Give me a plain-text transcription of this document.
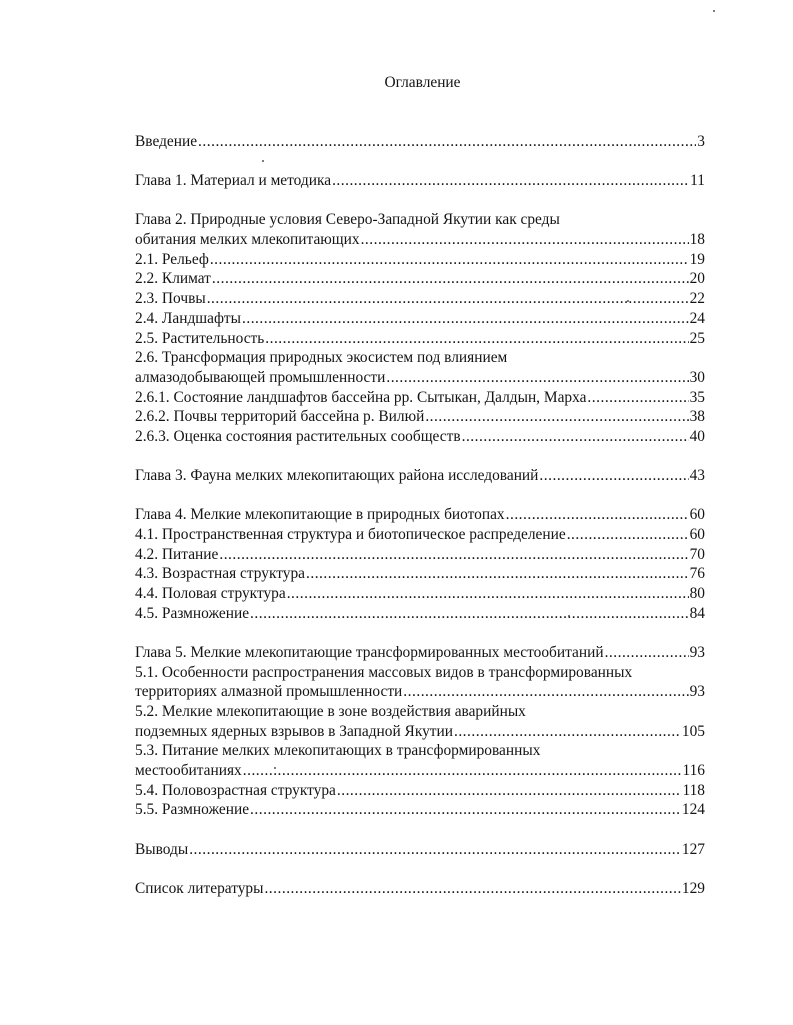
Оглавление
Введение .....	3
Глава 1. Материал и методика .....	11
Глава 2. Природные условия Северо-Западной Якутии как среды
обитания мелких млекопитающих .....	18
2.1. Рельеф .....	19
2.2. Климат .....	20
2.3. Почвы .....	22
2.4. Ландшафты .....	24
2.5. Растительность .....	25
2.6. Трансформация природных экосистем под влиянием
алмазодобывающей промышленности .....	30
2.6.1. Состояние ландшафтов бассейна рр. Сытыкан, Далдын, Марха .....	35
2.6.2. Почвы территорий бассейна р. Вилюй .....	38
2.6.3. Оценка состояния растительных сообществ .....	40
Глава 3. Фауна мелких млекопитающих района исследований .....	43
Глава 4. Мелкие млекопитающие в природных биотопах .....	60
4.1. Пространственная структура и биотопическое распределение .....	60
4.2. Питание .....	70
4.3. Возрастная структура .....	76
4.4. Половая структура .....	80
4.5. Размножение .....	84
Глава 5. Мелкие млекопитающие трансформированных местообитаний .....	93
5.1. Особенности распространения массовых видов в трансформированных
территориях алмазной промышленности .....	93
5.2. Мелкие млекопитающие в зоне воздействия аварийных
подземных ядерных взрывов в Западной Якутии .....	105
5.3. Питание мелких млекопитающих в трансформированных
местообитаниях .....	116
5.4. Половозрастная структура .....	118
5.5. Размножение .....	124
Выводы .....	127
Список литературы .....	129
